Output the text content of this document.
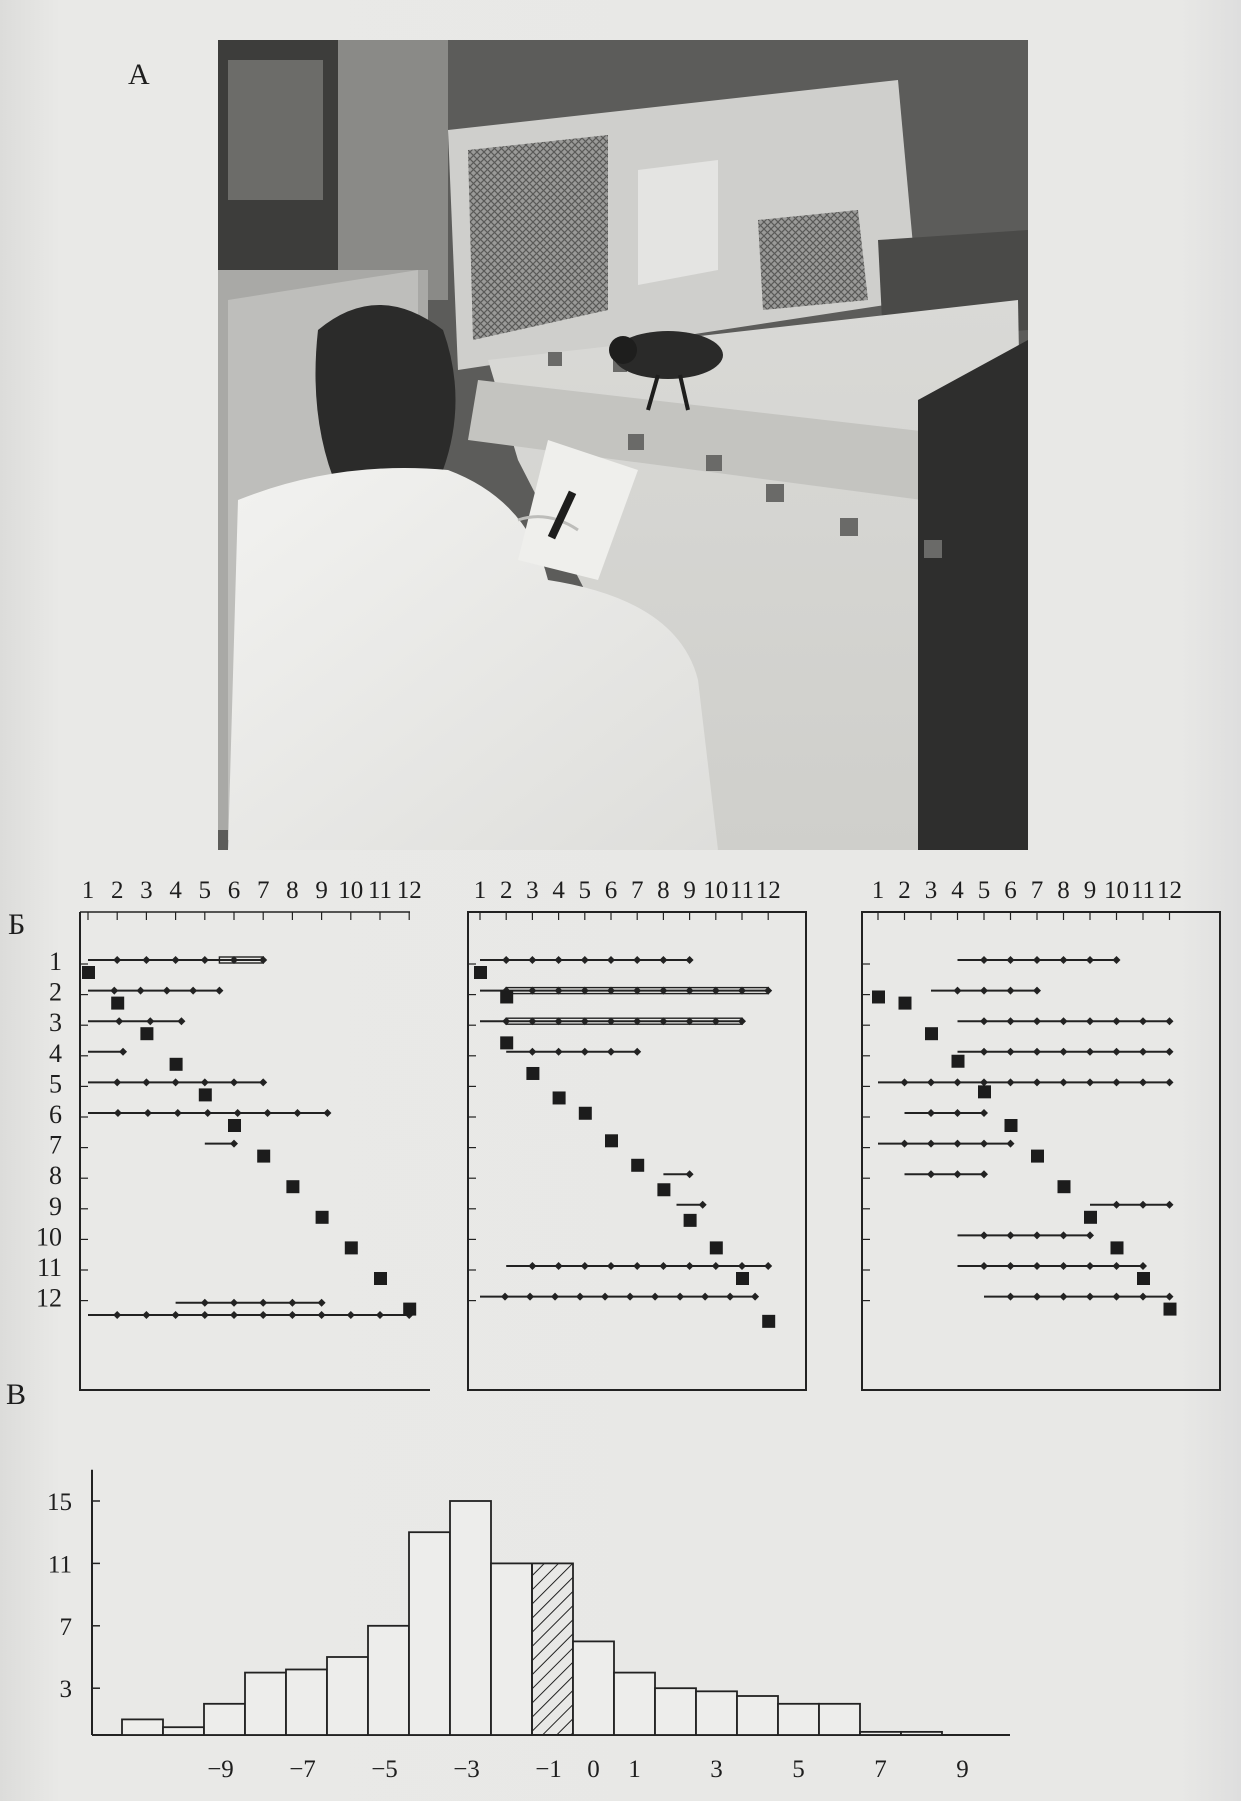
А
Б
1
2
3
4
5
6
7
8
9
10
11
12
1 2 3 4 5 6 7 8 9 10 11 12 1 2 3 4 5 6 7 8 9 10 11 12	1 2 3 4 5 6 7 8 9 10 11 12
В
3
7
11
15
−9 −7 −5 −3 −1 0 1	3	5	7	9
